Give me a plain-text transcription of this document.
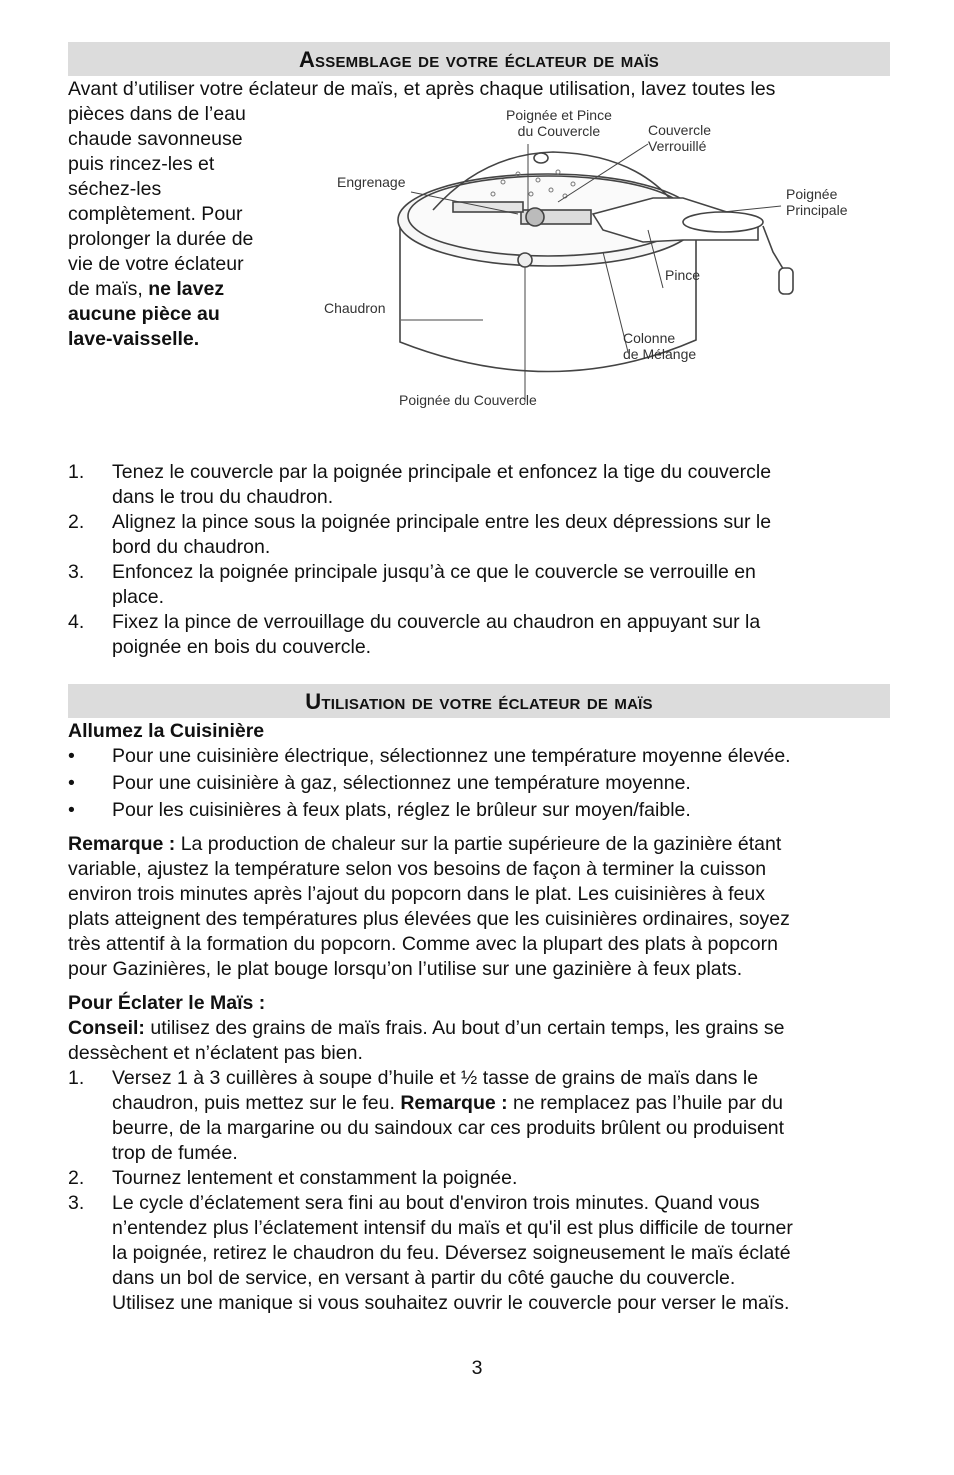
A ssemblage de votre éclateur de maïs

Avant d’utiliser votre éclateur de maïs, et après chaque utilisation, lavez toutes les

pièces dans de l’eau
chaude savonneuse
puis rincez-les et
séchez-les
complètement. Pour
prolonger la durée de
vie de votre éclateur
de maïs, ne lavez
aucune pièce au
lave-vaisselle.
Poignée et Pince
du Couvercle	Couvercle
Verrouillé
Engrenage
Poignée
Principale
Pince
Chaudron
Colonne
de Mélange
Poignée du Couvercle
1.	Tenez le couvercle par la poignée principale et enfoncez la tige du couvercle
dans le trou du chaudron.
2.	Alignez la pince sous la poignée principale entre les deux dépressions sur le
bord du chaudron.
3.	Enfoncez la poignée principale jusqu’à ce que le couvercle se verrouille en
place.
4.	Fixez la pince de verrouillage du couvercle au chaudron en appuyant sur la
poignée en bois du couvercle.
U tilisation de votre éclateur de maïs

Allumez la Cuisinière

•	Pour une cuisinière électrique, sélectionnez une température moyenne élevée.
•	Pour une cuisinière à gaz, sélectionnez une température moyenne.
•	Pour les cuisinières à feux plats, réglez le brûleur sur moyen/faible.

Remarque : La production de chaleur sur la partie supérieure de la gazinière étant
variable, ajustez la température selon vos besoins de façon à terminer la cuisson
environ trois minutes après l’ajout du popcorn dans le plat. Les cuisinières à feux
plats atteignent des températures plus élevées que les cuisinières ordinaires, soyez
très attentif à la formation du popcorn. Comme avec la plupart des plats à popcorn
pour Gazinières, le plat bouge lorsqu’on l’utilise sur une gazinière à feux plats.

Pour Éclater le Maïs :

Conseil: utilisez des grains de maïs frais. Au bout d’un certain temps, les grains se
dessèchent et n’éclatent pas bien.

1.	Versez 1 à 3 cuillères à soupe d’huile et ½ tasse de grains de maïs dans le
chaudron, puis mettez sur le feu. Remarque : ne remplacez pas l’huile par du
beurre, de la margarine ou du saindoux car ces produits brûlent ou produisent
trop de fumée.
2.	Tournez lentement et constamment la poignée.
3.	Le cycle d’éclatement sera fini au bout d'environ trois minutes. Quand vous
n’entendez plus l’éclatement intensif du maïs et qu'il est plus difficile de tourner
la poignée, retirez le chaudron du feu. Déversez soigneusement le maïs éclaté
dans un bol de service, en versant à partir du côté gauche du couvercle.
Utilisez une manique si vous souhaitez ouvrir le couvercle pour verser le maïs.
3
